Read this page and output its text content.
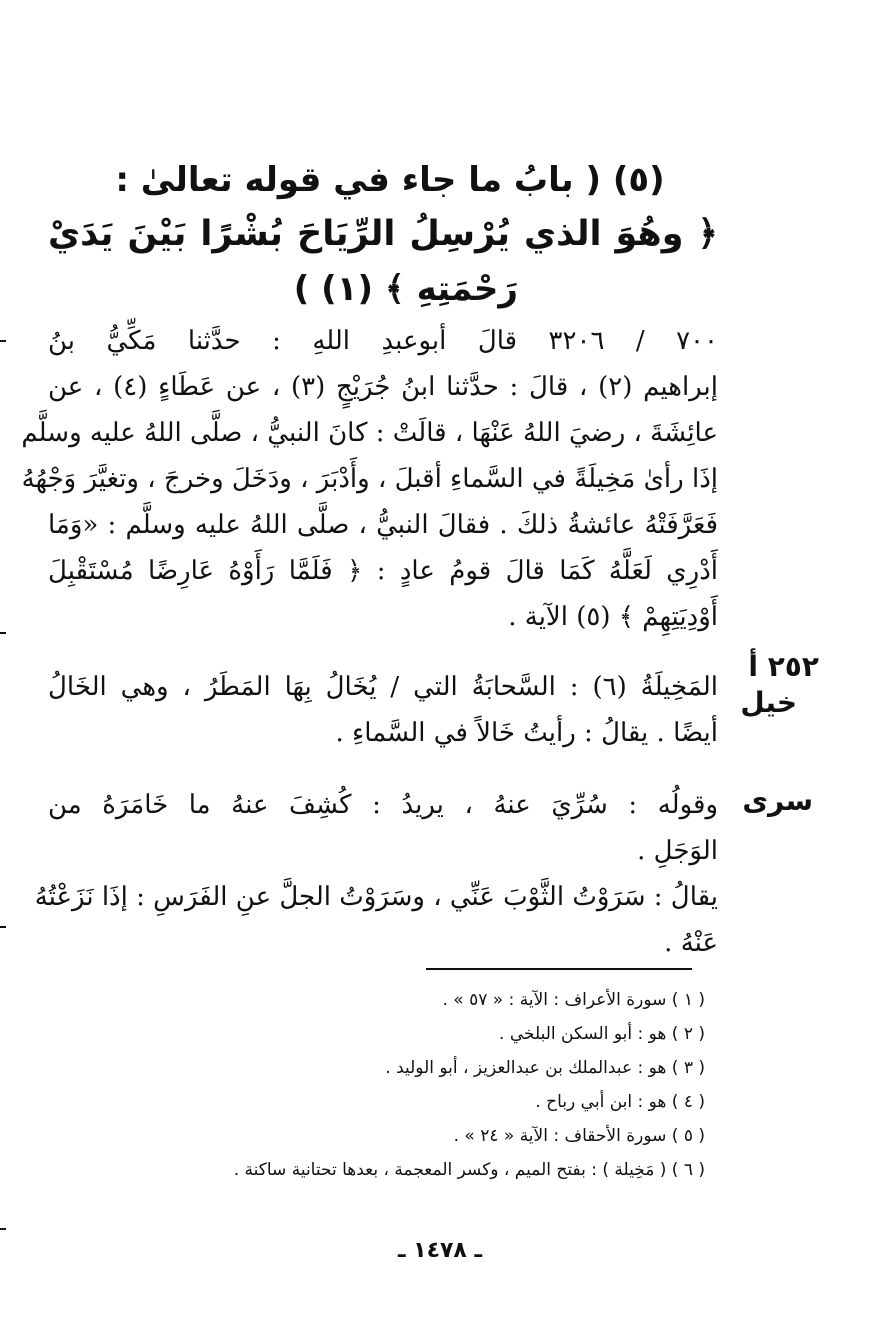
(٥) ( بابُ ما جاء في قوله تعالىٰ :
﴿ وهُوَ الذي يُرْسِلُ الرِّيَاحَ بُشْرًا بَيْنَ يَدَيْ
رَحْمَتِهِ ﴾ (١) )
٧٠٠ / ٣٢٠٦ قالَ أبوعبدِ اللهِ : حدَّثنا مَكِّيُّ بنُ
إبراهيم (٢) ، قالَ : حدَّثنا ابنُ جُرَيْجٍ (٣) ، عن عَطَاءٍ (٤) ، عن
عائِشَةَ ، رضيَ اللهُ عَنْهَا ، قالَتْ : كانَ النبيُّ ، صلَّى اللهُ عليه وسلَّم
إذَا رأىٰ مَخِيلَةً في السَّماءِ أقبلَ ، وأَدْبَرَ ، ودَخَلَ وخرجَ ، وتغيَّرَ وَجْهُهُ
فَعَرَّفَتْهُ عائشةُ ذلكَ . فقالَ النبيُّ ، صلَّى اللهُ عليه وسلَّم : «وَمَا
أَدْرِي لَعَلَّهُ كَمَا قالَ قومُ عادٍ : ﴿ فَلَمَّا رَأَوْهُ عَارِضًا مُسْتَقْبِلَ
أَوْدِيَتِهِمْ ﴾ (٥) الآية .
٢٥٢ أ
خيل
المَخِيلَةُ (٦) : السَّحابَةُ التي / يُخَالُ بِهَا المَطَرُ ، وهي الخَالُ
أيضًا . يقالُ : رأيتُ خَالاً في السَّماءِ .
سرى
وقولُه : سُرِّيَ عنهُ ، يريدُ : كُشِفَ عنهُ ما خَامَرَهُ من
الوَجَلِ .
يقالُ : سَرَوْتُ الثَّوْبَ عَنِّي ، وسَرَوْتُ الجلَّ عنِ الفَرَسِ : إذَا نَزَعْتُهُ
عَنْهُ .
( ١ ) سورة الأعراف : الآية : « ٥٧ » .
( ٢ ) هو : أبو السكن البلخي .
( ٣ ) هو : عبدالملك بن عبدالعزيز ، أبو الوليد .
( ٤ ) هو : ابن أبي رباح .
( ٥ ) سورة الأحقاف : الآية « ٢٤ » .
( ٦ ) ( مَخِيلة ) : بفتح الميم ، وكسر المعجمة ، بعدها تحتانية ساكنة .
ـ ١٤٧٨ ـ
